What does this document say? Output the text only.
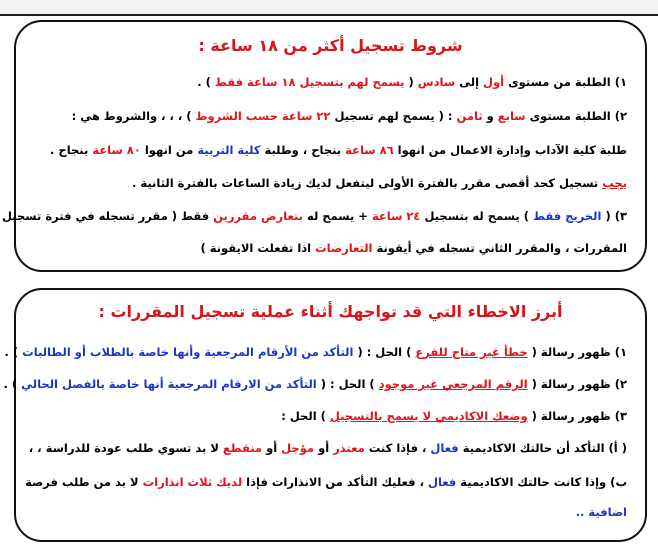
شروط تسجيل أكثر من ١٨ ساعة :

١) الطلبة من مستوى أول إلى سادس ( يسمح لهم بتسجيل ١٨ ساعة فقط ) .
٢) الطلبة مستوى سابع و ثامن : ( يسمح لهم تسجيل ٢٢ ساعة حسب الشروط ) ، ، ، والشروط هي :
طلبة كلية الآداب وإدارة الاعمال من انهوا ٨٦ ساعة بنجاح ، وطلبة كلية التربية من انهوا ٨٠ ساعة بنجاح .
يجب تسجيل كحد أقصى مقرر بالفترة الأولى ليتفعل لديك زيادة الساعات بالفترة الثانية .
٣) ( الخريج فقط ) يسمح له بتسجيل ٢٤ ساعة + يسمح له بتعارض مقررين فقط ( مقرر تسجله في فترة تسجيل
المقررات ، والمقرر الثاني تسجله في أيقونة التعارضات اذا تفعلت الايقونة )

أبرز الاخطاء التي قد تواجهك أثناء عملية تسجيل المقررات :

١) ظهور رسالة ( خطأ غير متاح للفرع ) الحل : ( التأكد من الأرقام المرجعية وأنها خاصة بالطلاب أو الطالبات ) .
٢) ظهور رسالة ( الرقم المرجعي غير موجود ) الحل : ( التأكد من الارقام المرجعية أنها خاصة بالفصل الحالي ) .
٣) ظهور رسالة ( وضعك الاكاديمي لا يسمح بالتسجيل ) الحل :
( أ) التأكد أن حالتك الاكاديمية فعال ، فإذا كنت معتذر أو مؤجل أو منقطع لا بد تسوي طلب عودة للدراسة ، ،
ب) وإذا كانت حالتك الاكاديمية فعال ، فعليك التأكد من الانذارات فإذا لديك ثلاث انذارات لا بد من طلب فرصة
اضافية ..
